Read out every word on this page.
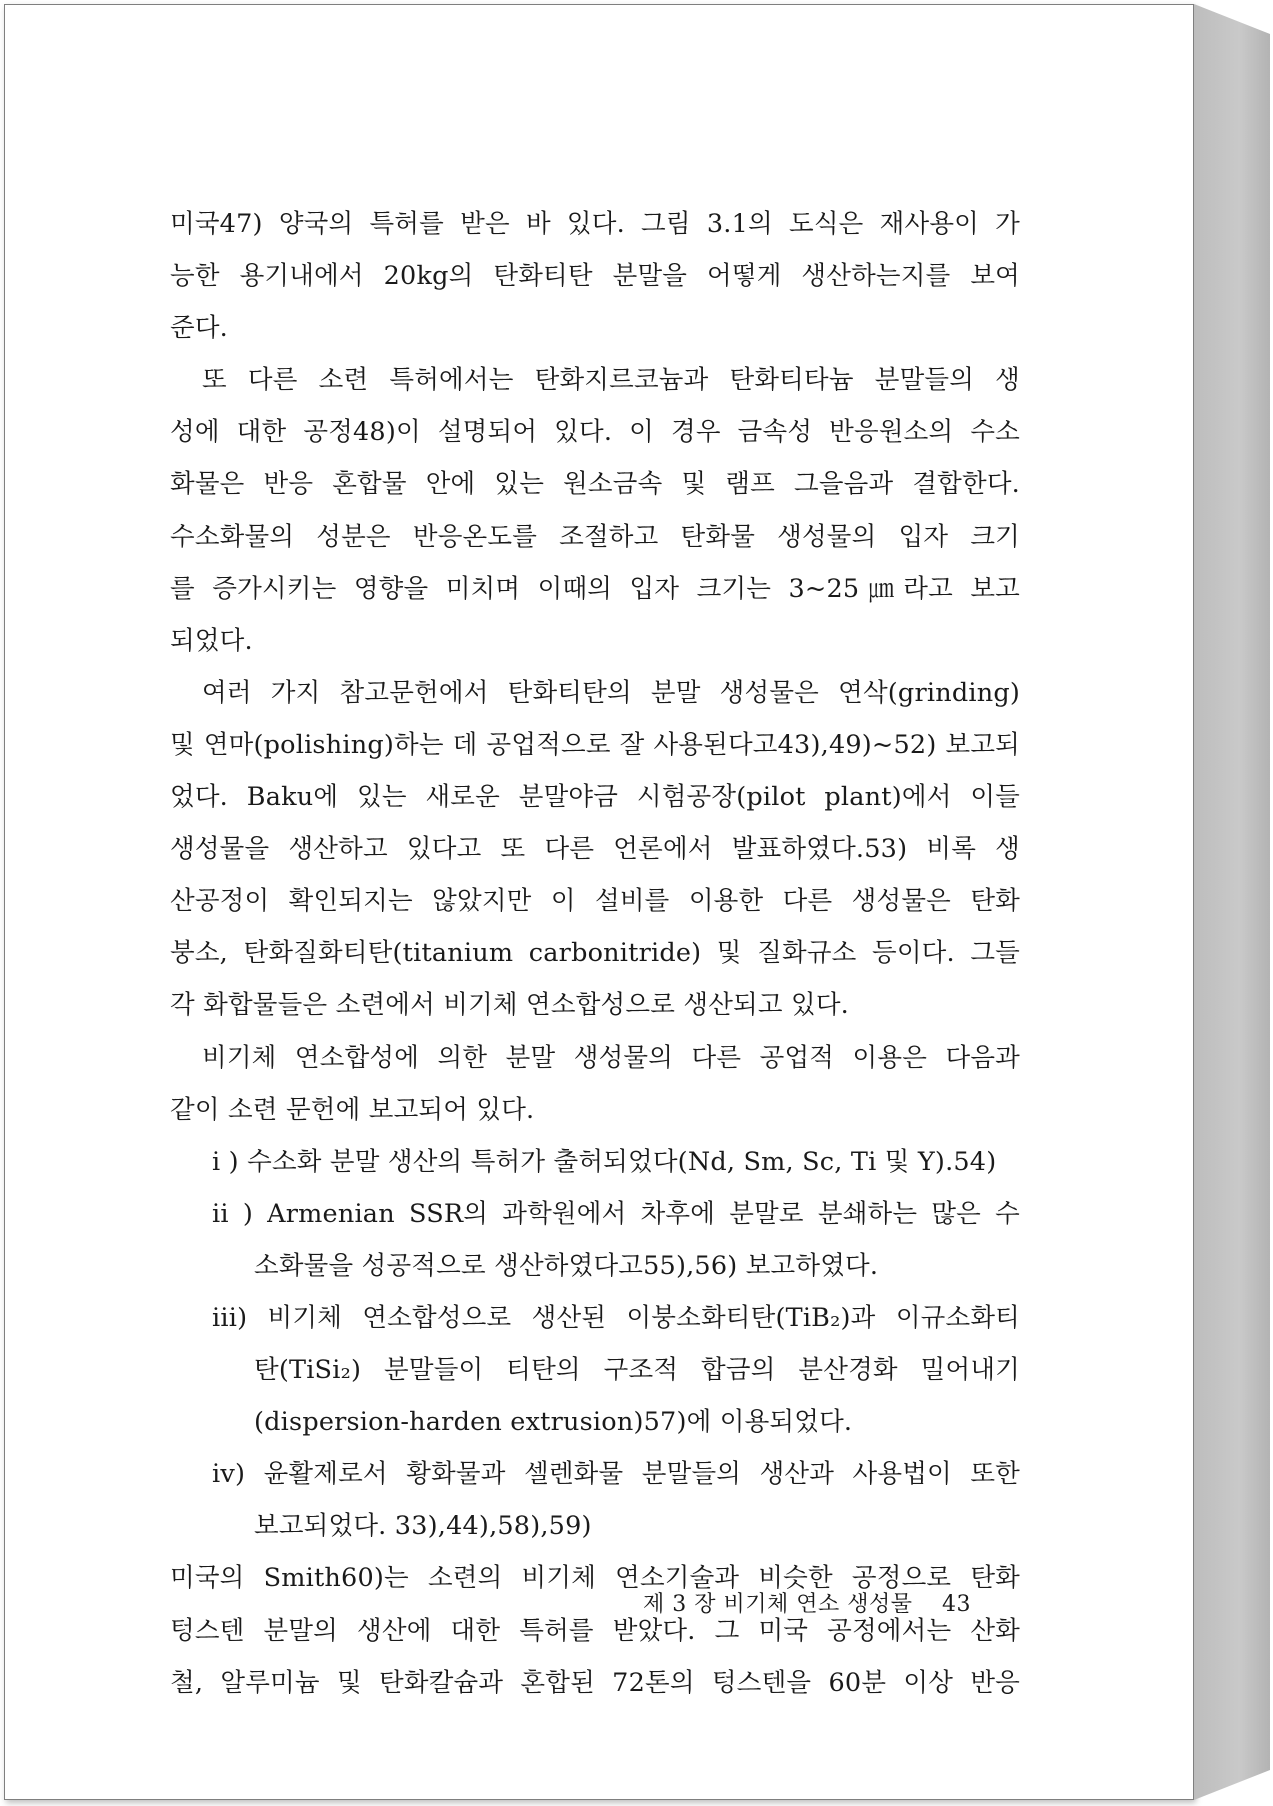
미국47) 양국의 특허를 받은 바 있다. 그림 3.1의 도식은 재사용이 가
능한 용기내에서 20kg의 탄화티탄 분말을 어떻게 생산하는지를 보여
준다.
또 다른 소련 특허에서는 탄화지르코늄과 탄화티타늄 분말들의 생
성에 대한 공정48)이 설명되어 있다. 이 경우 금속성 반응원소의 수소
화물은 반응 혼합물 안에 있는 원소금속 및 램프 그을음과 결합한다.
수소화물의 성분은 반응온도를 조절하고 탄화물 생성물의 입자 크기
를 증가시키는 영향을 미치며 이때의 입자 크기는 3~25㎛라고 보고
되었다.
여러 가지 참고문헌에서 탄화티탄의 분말 생성물은 연삭(grinding)
및 연마(polishing)하는 데 공업적으로 잘 사용된다고43),49)~52) 보고되
었다. Baku에 있는 새로운 분말야금 시험공장(pilot plant)에서 이들
생성물을 생산하고 있다고 또 다른 언론에서 발표하였다.53) 비록 생
산공정이 확인되지는 않았지만 이 설비를 이용한 다른 생성물은 탄화
붕소, 탄화질화티탄(titanium carbonitride) 및 질화규소 등이다. 그들
각 화합물들은 소련에서 비기체 연소합성으로 생산되고 있다.
비기체 연소합성에 의한 분말 생성물의 다른 공업적 이용은 다음과
같이 소련 문헌에 보고되어 있다.
i ) 수소화 분말 생산의 특허가 출허되었다(Nd, Sm, Sc, Ti 및 Y).54)
ii ) Armenian SSR의 과학원에서 차후에 분말로 분쇄하는 많은 수
소화물을 성공적으로 생산하였다고55),56) 보고하였다.
iii) 비기체 연소합성으로 생산된 이붕소화티탄(TiB₂)과 이규소화티
탄(TiSi₂) 분말들이 티탄의 구조적 합금의 분산경화 밀어내기
(dispersion-harden extrusion)57)에 이용되었다.
iv) 윤활제로서 황화물과 셀렌화물 분말들의 생산과 사용법이 또한
보고되었다. 33),44),58),59)
미국의 Smith60)는 소련의 비기체 연소기술과 비슷한 공정으로 탄화
텅스텐 분말의 생산에 대한 특허를 받았다. 그 미국 공정에서는 산화
철, 알루미늄 및 탄화칼슘과 혼합된 72톤의 텅스텐을 60분 이상 반응
제 3 장 비기체 연소 생성물 43
